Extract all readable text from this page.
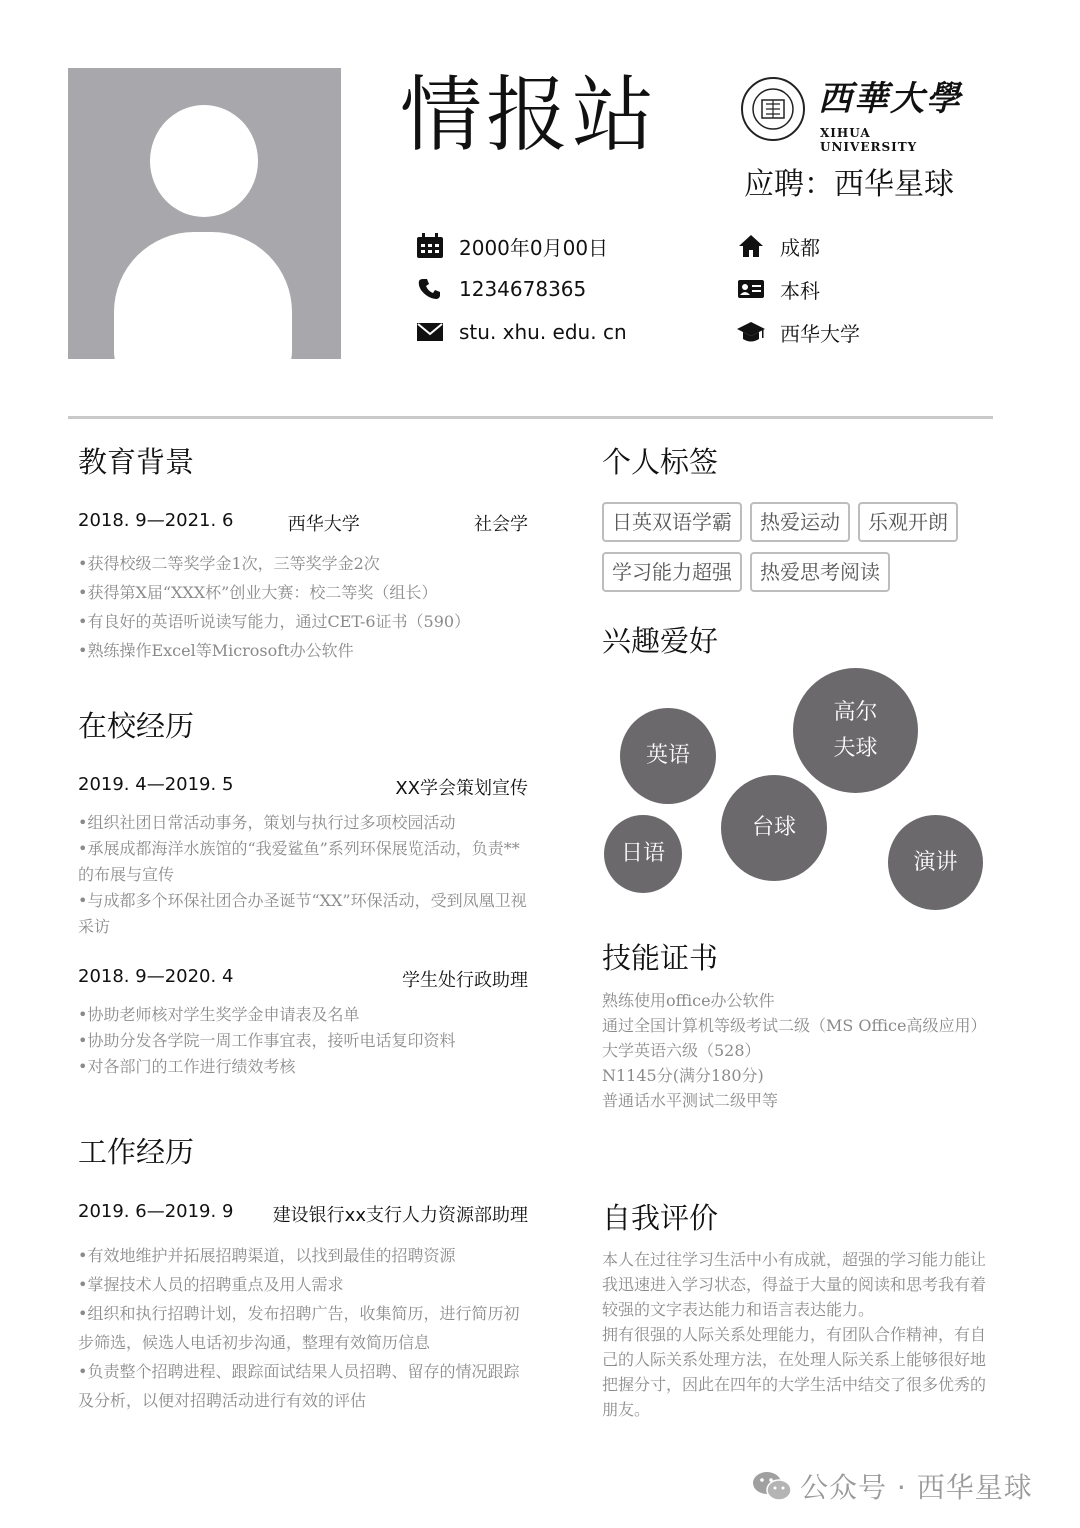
情报站	西華大學
XIHUA UNIVERSITY
应聘：西华星球
2000年0月00日
1234678365
stu. xhu. edu. cn
成都
本科
西华大学
教育背景
2018. 9—2021. 6	西华大学	社会学
•获得校级二等奖学金1次，三等奖学金2次
•获得第X届“XXX杯”创业大赛：校二等奖（组长）
•有良好的英语听说读写能力，通过CET-6证书（590）
•熟练操作Excel等Microsoft办公软件
在校经历
2019. 4—2019. 5	XX学会策划宣传
•组织社团日常活动事务，策划与执行过多项校园活动
•承展成都海洋水族馆的“我爱鲨鱼”系列环保展览活动，负责**的布展与宣传
•与成都多个环保社团合办圣诞节“XX”环保活动，受到凤凰卫视采访
2018. 9—2020. 4	学生处行政助理
•协助老师核对学生奖学金申请表及名单
•协助分发各学院一周工作事宜表，接听电话复印资料
•对各部门的工作进行绩效考核
工作经历
2019. 6—2019. 9 建设银行xx支行人力资源部助理
•有效地维护并拓展招聘渠道，以找到最佳的招聘资源
•掌握技术人员的招聘重点及用人需求
•组织和执行招聘计划，发布招聘广告，收集简历，进行简历初步筛选，候选人电话初步沟通，整理有效简历信息
•负责整个招聘进程、跟踪面试结果人员招聘、留存的情况跟踪及分析，以便对招聘活动进行有效的评估
个人标签
日英双语学霸	热爱运动	乐观开朗
学习能力超强	热爱思考阅读
兴趣爱好
英语
高尔夫球
台球
日语	演讲
技能证书
熟练使用office办公软件
通过全国计算机等级考试二级（MS Office高级应用）
大学英语六级（528）
N1145分(满分180分)
普通话水平测试二级甲等
自我评价
本人在过往学习生活中小有成就，超强的学习能力能让我迅速进入学习状态，得益于大量的阅读和思考我有着较强的文字表达能力和语言表达能力。
拥有很强的人际关系处理能力，有团队合作精神，有自己的人际关系处理方法，在处理人际关系上能够很好地把握分寸，因此在四年的大学生活中结交了很多优秀的朋友。
公众号 · 西华星球
